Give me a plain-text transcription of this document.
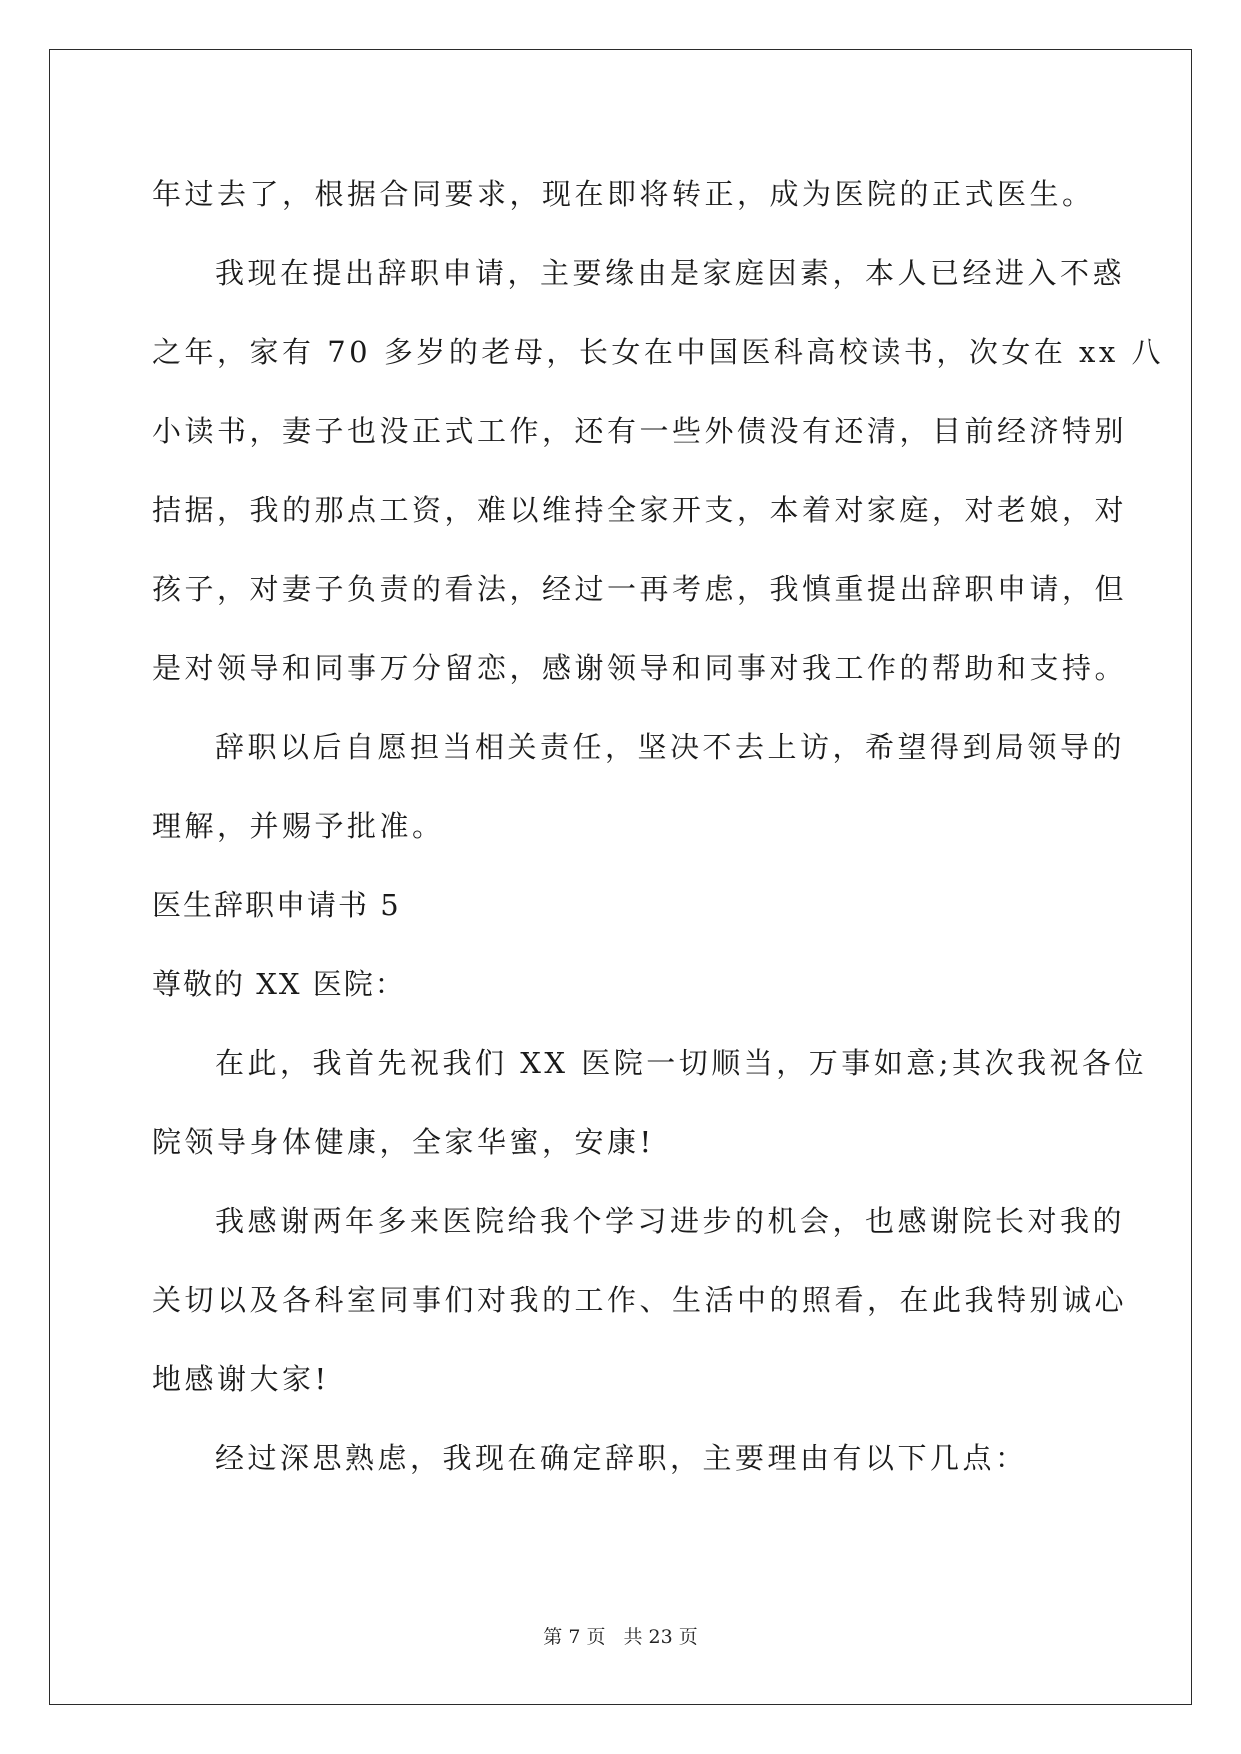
年过去了，根据合同要求，现在即将转正，成为医院的正式医生。

我现在提出辞职申请，主要缘由是家庭因素，本人已经进入不惑

之年，家有 70 多岁的老母，长女在中国医科高校读书，次女在 xx 八

小读书，妻子也没正式工作，还有一些外债没有还清，目前经济特别

拮据，我的那点工资，难以维持全家开支，本着对家庭，对老娘，对

孩子，对妻子负责的看法，经过一再考虑，我慎重提出辞职申请，但

是对领导和同事万分留恋，感谢领导和同事对我工作的帮助和支持。

辞职以后自愿担当相关责任，坚决不去上访，希望得到局领导的

理解，并赐予批准。

医生辞职申请书 5

尊敬的 XX 医院：

在此，我首先祝我们 XX 医院一切顺当，万事如意;其次我祝各位

院领导身体健康，全家华蜜，安康!

我感谢两年多来医院给我个学习进步的机会，也感谢院长对我的

关切以及各科室同事们对我的工作、生活中的照看，在此我特别诚心

地感谢大家!

经过深思熟虑，我现在确定辞职，主要理由有以下几点：

第 7 页 共 23 页
